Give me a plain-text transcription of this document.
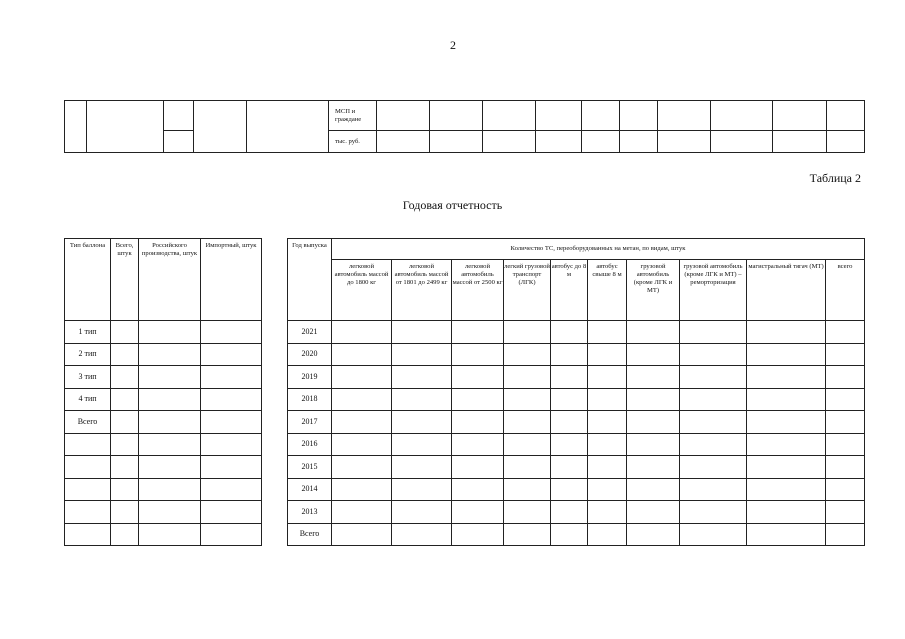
2
					МСП и граждане										
					тыс. руб.										
Таблица 2
Годовая отчетность
Тип баллона	Всего, штук	Российского производства, штук	Импортный, штук
1 тип			
2 тип			
3 тип			
4 тип			
Всего			

Год выпуска	Количество ТС, переоборудованных на метан, по видам, штук									
	легковой автомобиль массой до 1800 кг	легковой автомобиль массой от 1801 до 2499 кг	легковой автомобиль массой от 2500 кг	легкий грузовой транспорт (ЛГК)	автобус до 8 м	автобус свыше 8 м	грузовой автомобиль (кроме ЛГК и МТ)	грузовой автомобиль (кроме ЛГК и МТ) – реморторизация	магистральный тягач (МТ)	всего
2021										
2020										
2019										
2018										
2017										
2016										
2015										
2014										
2013										
Всего										
